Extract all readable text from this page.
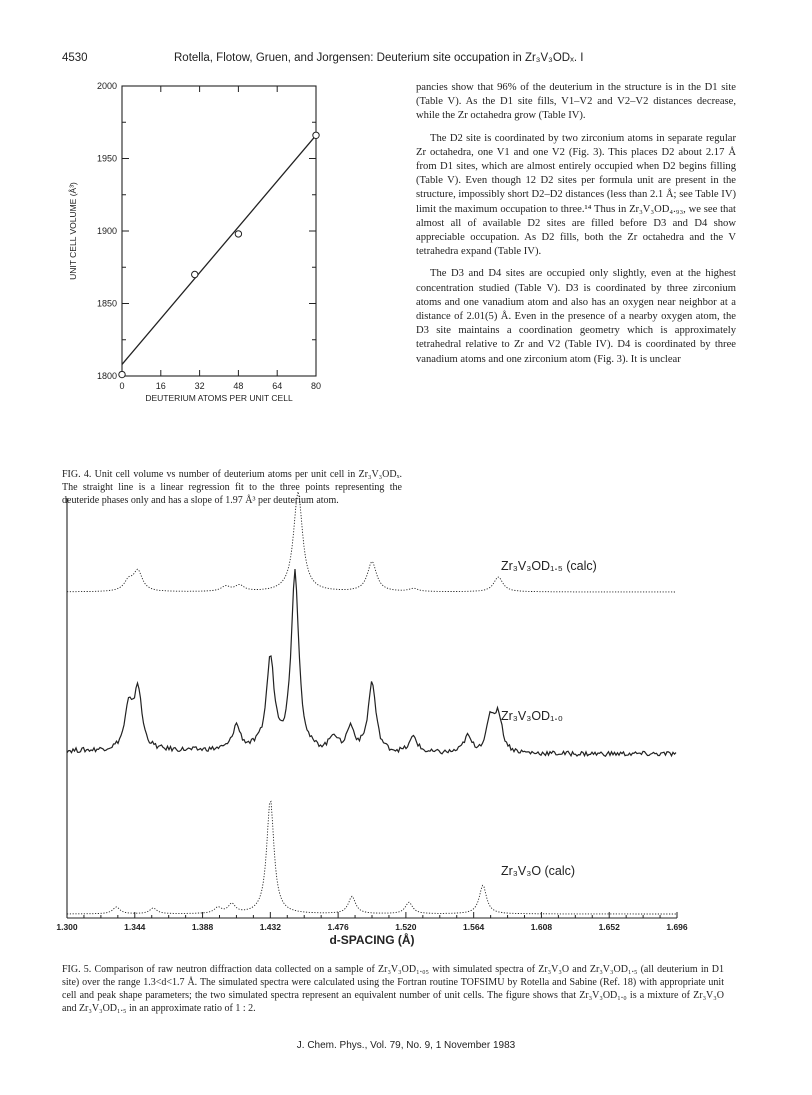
4530	Rotella, Flotow, Gruen, and Jorgensen: Deuterium site occupation in Zr₃V₃ODₓ. I
0	16	32	48	64	80
1800
1850
1900
1950
2000
DEUTERIUM ATOMS PER UNIT CELL
UNIT CELL VOLUME (Å³)
FIG. 4. Unit cell volume vs number of deuterium atoms per unit cell in Zr₃V₃ODₓ. The straight line is a linear regression fit to the three points representing the deuteride phases only and has a slope of 1.97 Å³ per deuterium atom.

pancies show that 96% of the deuterium in the structure is in the D1 site (Table V). As the D1 site fills, V1–V2 and V2–V2 distances decrease, while the Zr octahedra grow (Table IV).

The D2 site is coordinated by two zirconium atoms in separate regular Zr octahedra, one V1 and one V2 (Fig. 3). This places D2 about 2.17 Å from D1 sites, which are almost entirely occupied when D2 begins filling (Table V). Even though 12 D2 sites per formula unit are present in the structure, impossibly short D2–D2 distances (less than 2.1 Å; see Table IV) limit the maximum occupation to three.¹⁴ Thus in Zr₃V₃OD₄.₉₃, we see that almost all of available D2 sites are filled before D3 and D4 show appreciable occupation. As D2 fills, both the Zr octahedra and the V tetrahedra expand (Table IV).

The D3 and D4 sites are occupied only slightly, even at the highest concentration studied (Table V). D3 is coordinated by three zirconium atoms and one vanadium atom and also has an oxygen near neighbor at a distance of 2.01(5) Å. Even in the presence of a nearby oxygen atom, the D3 site maintains a coordination geometry which is approximately tetrahedral relative to Zr and V2 (Table IV). D4 is coordinated by three vanadium atoms and one zirconium atom (Fig. 3). It is unclear

1.300	1.344	1.388	1.432	1.476	1.520	1.564	1.608	1.652	1.696
d-SPACING (Å)
Zr₃V₃OD₁.₅ (calc)
Zr₃V₃OD₁.₀
Zr₃V₃O (calc)
FIG. 5. Comparison of raw neutron diffraction data collected on a sample of Zr₃V₃OD₁.₀₅ with simulated spectra of Zr₃V₃O and Zr₃V₃OD₁.₅ (all deuterium in D1 site) over the range 1.3<d<1.7 Å. The simulated spectra were calculated using the Fortran routine TOFSIMU by Rotella and Sabine (Ref. 18) with appropriate unit cell and peak shape parameters; the two simulated spectra represent an equivalent number of unit cells. The figure shows that Zr₃V₃OD₁.₀ is a mixture of Zr₃V₃O and Zr₃V₃OD₁.₅ in an approximate ratio of 1 : 2.
J. Chem. Phys., Vol. 79, No. 9, 1 November 1983
